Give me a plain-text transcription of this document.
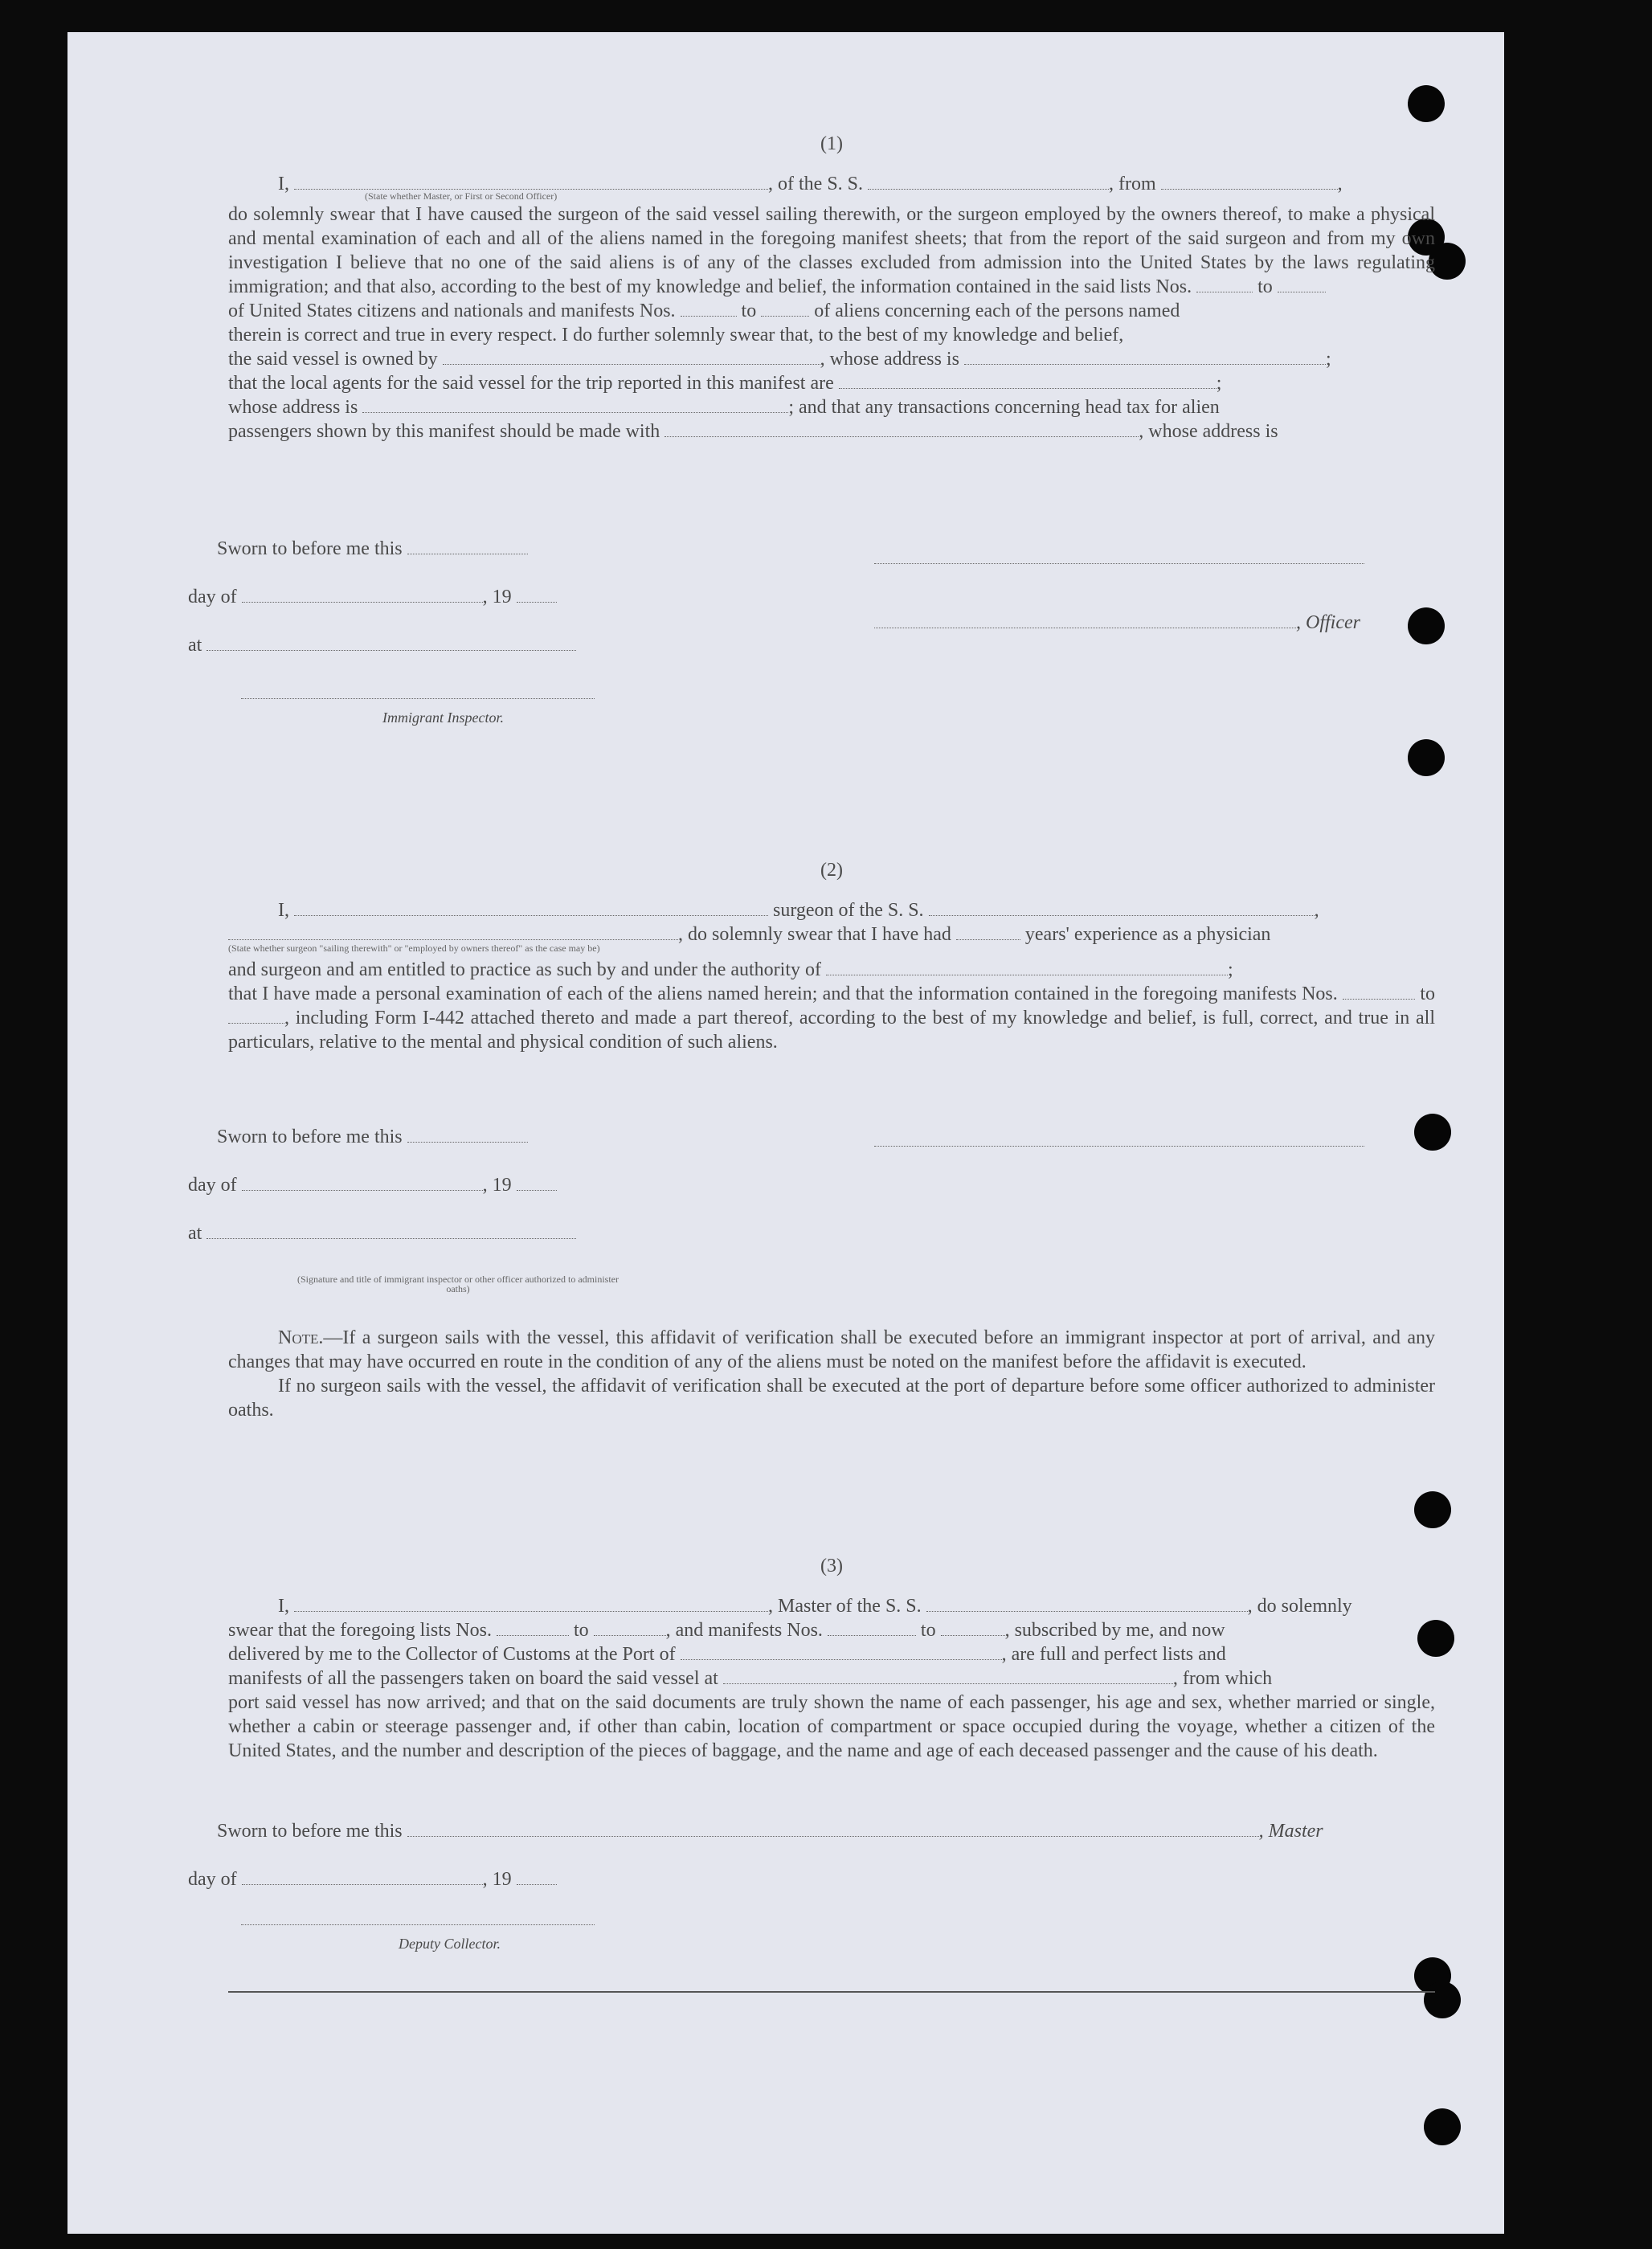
(1)
I,	, of the S. S.	, from	,
(State whether Master, or First or Second Officer)
do solemnly swear that I have caused the surgeon of the said vessel sailing therewith, or the surgeon employed by the owners thereof, to make a physical and mental examination of each and all of the aliens named in the foregoing manifest sheets; that from the report of the said surgeon and from my own investigation I believe that no one of the said aliens is of any of the classes excluded from admission into the United States by the laws regulating immigration; and that also, according to the best of my knowledge and belief, the information contained in the said lists Nos.	to
of United States citizens and nationals and manifests Nos.	to	of aliens concerning each of the persons named
therein is correct and true in every respect. I do further solemnly swear that, to the best of my knowledge and belief,
the said vessel is owned by	, whose address is	;
that the local agents for the said vessel for the trip reported in this manifest are	;
whose address is	; and that any transactions concerning head tax for alien
passengers shown by this manifest should be made with	, whose address is
Sworn to before me this
day of	, 19
at
Immigrant Inspector.
, Officer
(2)
I,	surgeon of the S. S.	,
, do solemnly swear that I have had	years' experience as a physician
(State whether surgeon "sailing therewith" or "employed by owners thereof" as the case may be)
and surgeon and am entitled to practice as such by and under the authority of	;
that I have made a personal examination of each of the aliens named herein; and that the information contained in the foregoing manifests Nos.	to , including Form I-442 attached thereto and made a part thereof, according to the best of my knowledge and belief, is full, correct, and true in all particulars, relative to the mental and physical condition of such aliens.
Sworn to before me this
day of	, 19
at
(Signature and title of immigrant inspector or other officer authorized to administer oaths)
Note.—If a surgeon sails with the vessel, this affidavit of verification shall be executed before an immigrant inspector at port of arrival, and any changes that may have occurred en route in the condition of any of the aliens must be noted on the manifest before the affidavit is executed.
If no surgeon sails with the vessel, the affidavit of verification shall be executed at the port of departure before some officer authorized to administer oaths.
(3)
I,	, Master of the S. S.	, do solemnly
swear that the foregoing lists Nos.	to	, and manifests Nos.	to	, subscribed by me, and now
delivered by me to the Collector of Customs at the Port of	, are full and perfect lists and
manifests of all the passengers taken on board the said vessel at	, from which
port said vessel has now arrived; and that on the said documents are truly shown the name of each passenger, his age and sex, whether married or single, whether a cabin or steerage passenger and, if other than cabin, location of compartment or space occupied during the voyage, whether a citizen of the United States, and the number and description of the pieces of baggage, and the name and age of each deceased passenger and the cause of his death.
Sworn to before me this	, Master
day of	, 19
Deputy Collector.
